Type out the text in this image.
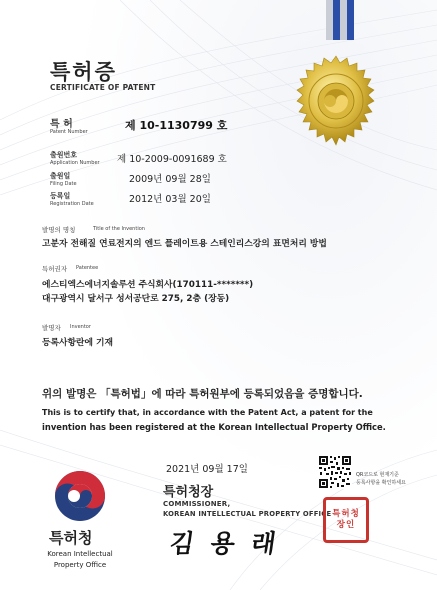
특허증
CERTIFICATE OF PATENT
특 허
Patent Number	제 10-1130799 호
출원번호
Application Number 제 10-2009-0091689 호
출원일
Filing Date	2009년 09월 28일
등록일
Registration Date	2012년 03월 20일
발명의 명칭	Title of the Invention
고분자 전해질 연료전지의 엔드 플레이트용 스테인리스강의 표면처리 방법
특허권자 Patentee
에스티엑스에너지솔루션 주식회사(170111-*******)
대구광역시 달서구 성서공단로 275, 2층 (장동)
발명자 Inventor
등록사항란에 기재
위의 발명은 「특허법」에 따라 특허원부에 등록되었음을 증명합니다.
This is to certify that, in accordance with the Patent Act, a patent for the
invention has been registered at the Korean Intellectual Property Office.
2021년 09월 17일
특허청
Korean Intellectual
Property Office
특허청장
COMMISSIONER,
KOREAN INTELLECTUAL PROPERTY OFFICE
김 용 래
QR코드로 현재기준
등록사항을 확인하세요
특허청장인
